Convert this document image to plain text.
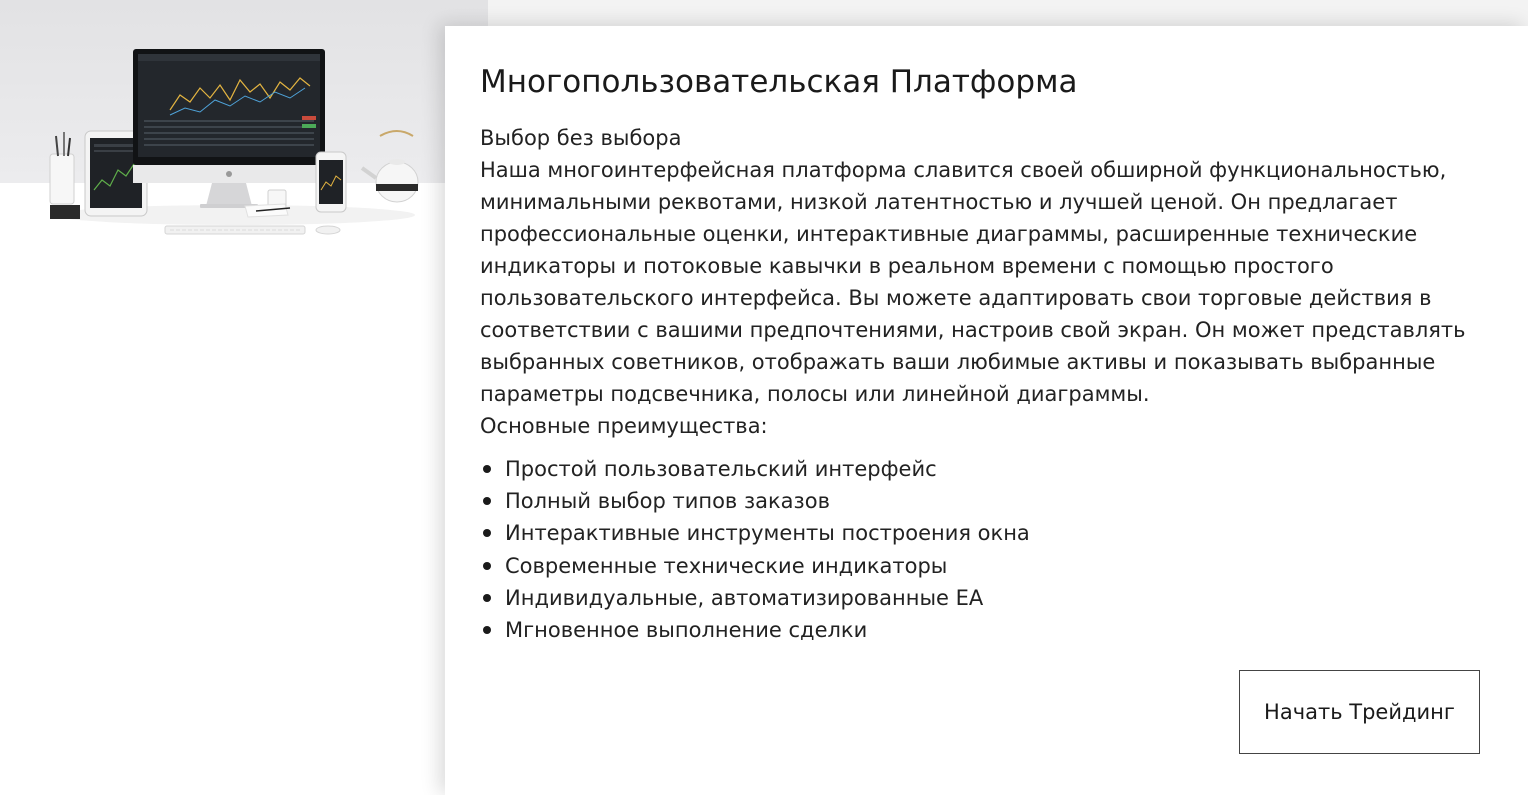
Многопользовательская Платформа

Выбор без выбора

Наша многоинтерфейсная платформа славится своей обширной функциональностью, минимальными реквотами, низкой латентностью и лучшей ценой. Он предлагает профессиональные оценки, интерактивные диаграммы, расширенные технические индикаторы и потоковые кавычки в реальном времени с помощью простого пользовательского интерфейса. Вы можете адаптировать свои торговые действия в соответствии с вашими предпочтениями, настроив свой экран. Он может представлять выбранных советников, отображать ваши любимые активы и показывать выбранные параметры подсвечника, полосы или линейной диаграммы.

Основные преимущества:

Простой пользовательский интерфейс
Полный выбор типов заказов
Интерактивные инструменты построения окна
Современные технические индикаторы
Индивидуальные, автоматизированные EA
Мгновенное выполнение сделки
Начать Трейдинг
